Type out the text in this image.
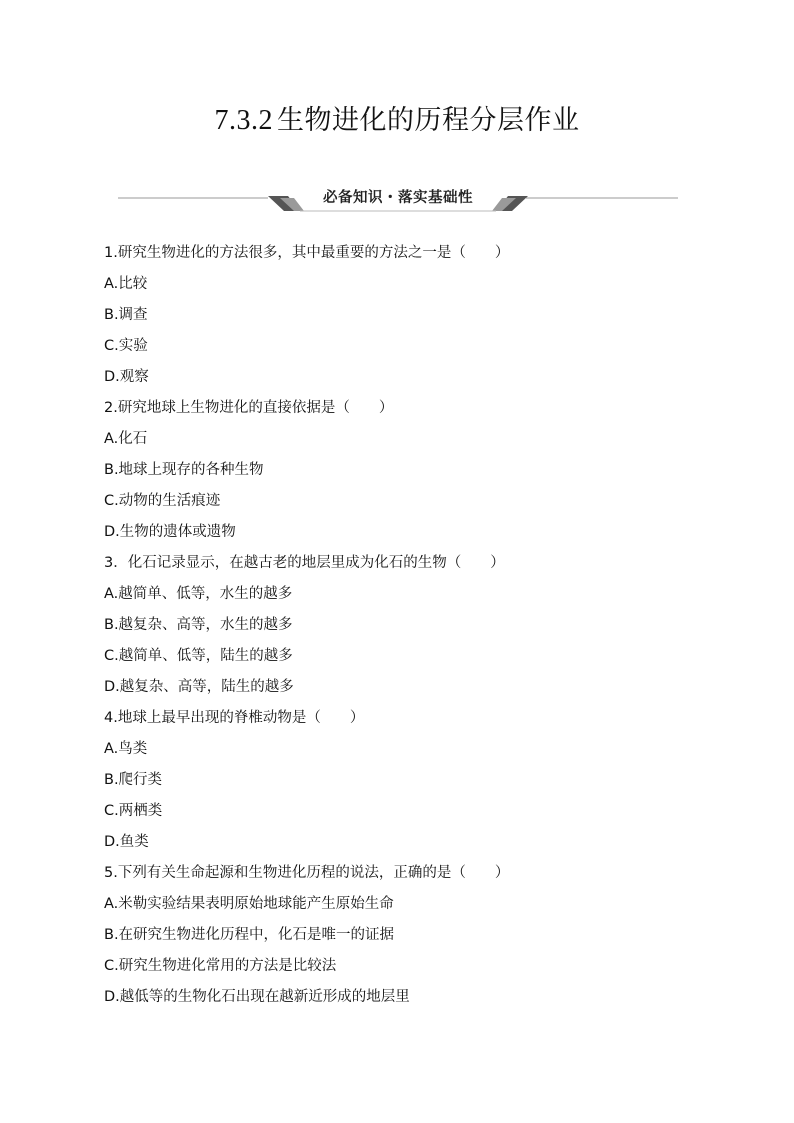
7.3.2 生物进化的历程分层作业
必备知识・落实基础性
1.研究生物进化的方法很多，其中最重要的方法之一是（　　）
A.比较
B.调查
C.实验
D.观察
2.研究地球上生物进化的直接依据是（　　）
A.化石
B.地球上现存的各种生物
C.动物的生活痕迹
D.生物的遗体或遗物
3．化石记录显示，在越古老的地层里成为化石的生物（　　）
A.越简单、低等，水生的越多
B.越复杂、高等，水生的越多
C.越简单、低等，陆生的越多
D.越复杂、高等，陆生的越多
4.地球上最早出现的脊椎动物是（　　）
A.鸟类
B.爬行类
C.两栖类
D.鱼类
5.下列有关生命起源和生物进化历程的说法，正确的是（　　）
A.米勒实验结果表明原始地球能产生原始生命
B.在研究生物进化历程中，化石是唯一的证据
C.研究生物进化常用的方法是比较法
D.越低等的生物化石出现在越新近形成的地层里
